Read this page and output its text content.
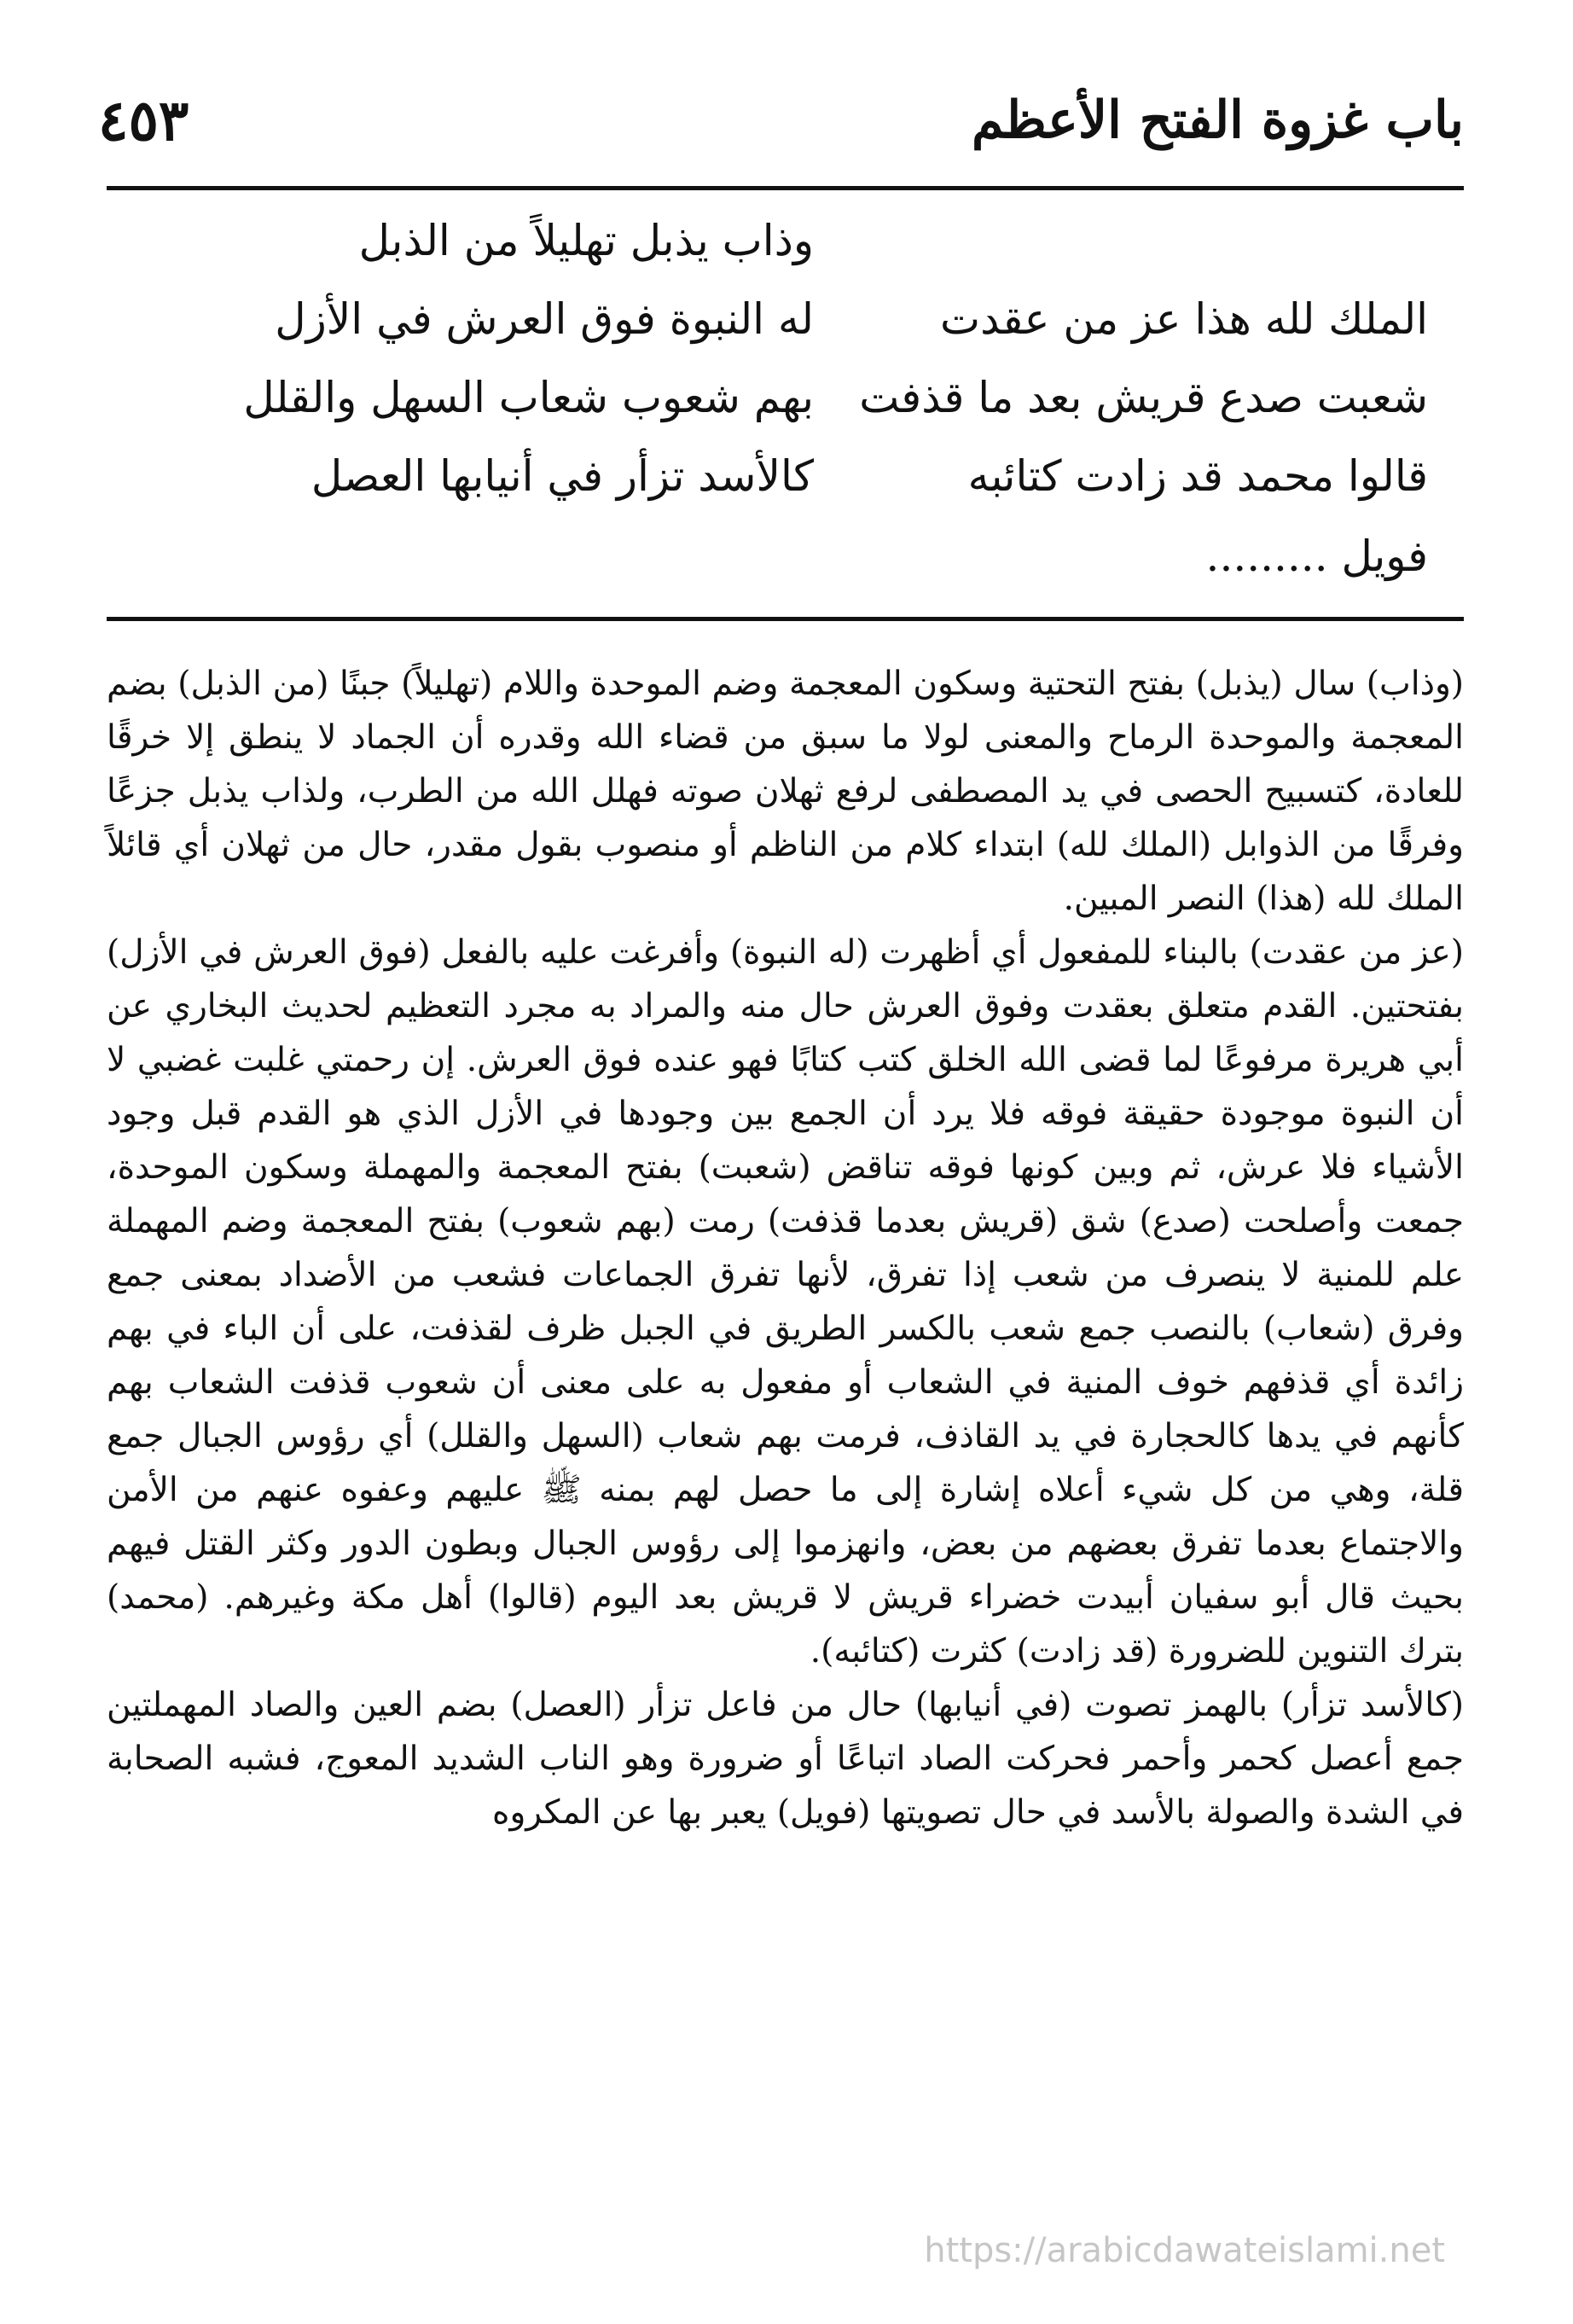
باب غزوة الفتح الأعظم
٤٥٣
وذاب يذبل تهليلاً من الذبل
الملك لله هذا عز من عقدت
له النبوة فوق العرش في الأزل
شعبت صدع قريش بعد ما قذفت
بهم شعوب شعاب السهل والقلل
قالوا محمد قد زادت كتائبه
كالأسد تزأر في أنيابها العصل
فويل .........

(وذاب) سال (يذبل) بفتح التحتية وسكون المعجمة وضم الموحدة واللام (تهليلاً) جبنًا (من الذبل) بضم المعجمة والموحدة الرماح والمعنى لولا ما سبق من قضاء الله وقدره أن الجماد لا ينطق إلا خرقًا للعادة، كتسبيح الحصى في يد المصطفى لرفع ثهلان صوته فهلل الله من الطرب، ولذاب يذبل جزعًا وفرقًا من الذوابل (الملك لله) ابتداء كلام من الناظم أو منصوب بقول مقدر، حال من ثهلان أي قائلاً الملك لله (هذا) النصر المبين.

(عز من عقدت) بالبناء للمفعول أي أظهرت (له النبوة) وأفرغت عليه بالفعل (فوق العرش في الأزل) بفتحتين. القدم متعلق بعقدت وفوق العرش حال منه والمراد به مجرد التعظيم لحديث البخاري عن أبي هريرة مرفوعًا لما قضى الله الخلق كتب كتابًا فهو عنده فوق العرش. إن رحمتي غلبت غضبي لا أن النبوة موجودة حقيقة فوقه فلا يرد أن الجمع بين وجودها في الأزل الذي هو القدم قبل وجود الأشياء فلا عرش، ثم وبين كونها فوقه تناقض (شعبت) بفتح المعجمة والمهملة وسكون الموحدة، جمعت وأصلحت (صدع) شق (قريش بعدما قذفت) رمت (بهم شعوب) بفتح المعجمة وضم المهملة علم للمنية لا ينصرف من شعب إذا تفرق، لأنها تفرق الجماعات فشعب من الأضداد بمعنى جمع وفرق (شعاب) بالنصب جمع شعب بالكسر الطريق في الجبل ظرف لقذفت، على أن الباء في بهم زائدة أي قذفهم خوف المنية في الشعاب أو مفعول به على معنى أن شعوب قذفت الشعاب بهم كأنهم في يدها كالحجارة في يد القاذف، فرمت بهم شعاب (السهل والقلل) أي رؤوس الجبال جمع قلة، وهي من كل شيء أعلاه إشارة إلى ما حصل لهم بمنه ﷺ عليهم وعفوه عنهم من الأمن والاجتماع بعدما تفرق بعضهم من بعض، وانهزموا إلى رؤوس الجبال وبطون الدور وكثر القتل فيهم بحيث قال أبو سفيان أبيدت خضراء قريش لا قريش بعد اليوم (قالوا) أهل مكة وغيرهم. (محمد) بترك التنوين للضرورة (قد زادت) كثرت (كتائبه).

(كالأسد تزأر) بالهمز تصوت (في أنيابها) حال من فاعل تزأر (العصل) بضم العين والصاد المهملتين جمع أعصل كحمر وأحمر فحركت الصاد اتباعًا أو ضرورة وهو الناب الشديد المعوج، فشبه الصحابة في الشدة والصولة بالأسد في حال تصويتها (فويل) يعبر بها عن المكروه

https://arabicdawateislami.net
